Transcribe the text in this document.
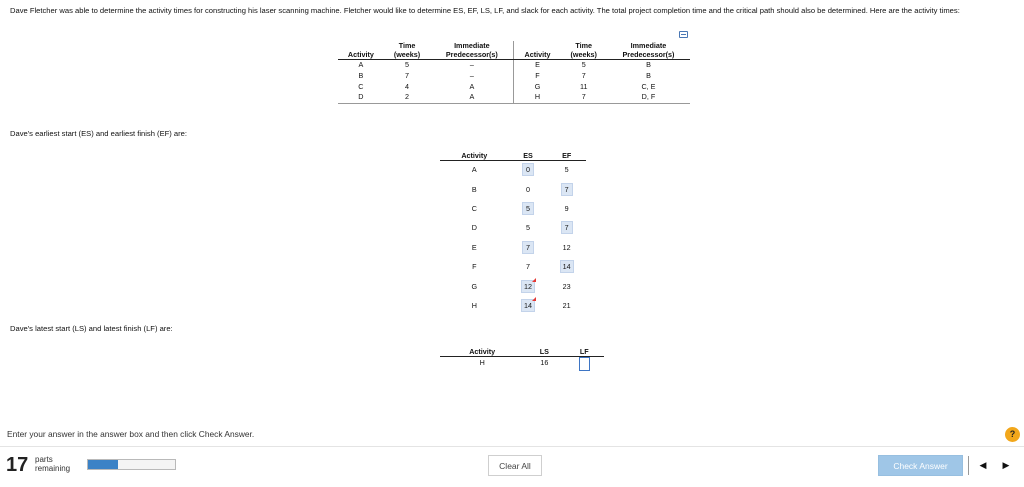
Dave Fletcher was able to determine the activity times for constructing his laser scanning machine. Fletcher would like to determine ES, EF, LS, LF, and slack for each activity. The total project completion time and the critical path should also be determined. Here are the activity times:
	Time	Immediate		Time	Immediate
Activity	(weeks)	Predecessor(s)	Activity	(weeks)	Predecessor(s)
A	5	–	E	5	B
B	7	–	F	7	B
C	4	A	G	11	C, E
D	2	A	H	7	D, F
Dave's earliest start (ES) and earliest finish (EF) are:
Activity	ES	EF
A	0	5
B	0	7
C	5	9
D	5	7
E	7	12
F	7	14
G	12	23
H	14	21
Dave's latest start (LS) and latest finish (LF) are:
Activity	LS	LF
H	16	
Enter your answer in the answer box and then click Check Answer.	?
17 parts
remaining	Clear All	Check Answer	◀	▶
